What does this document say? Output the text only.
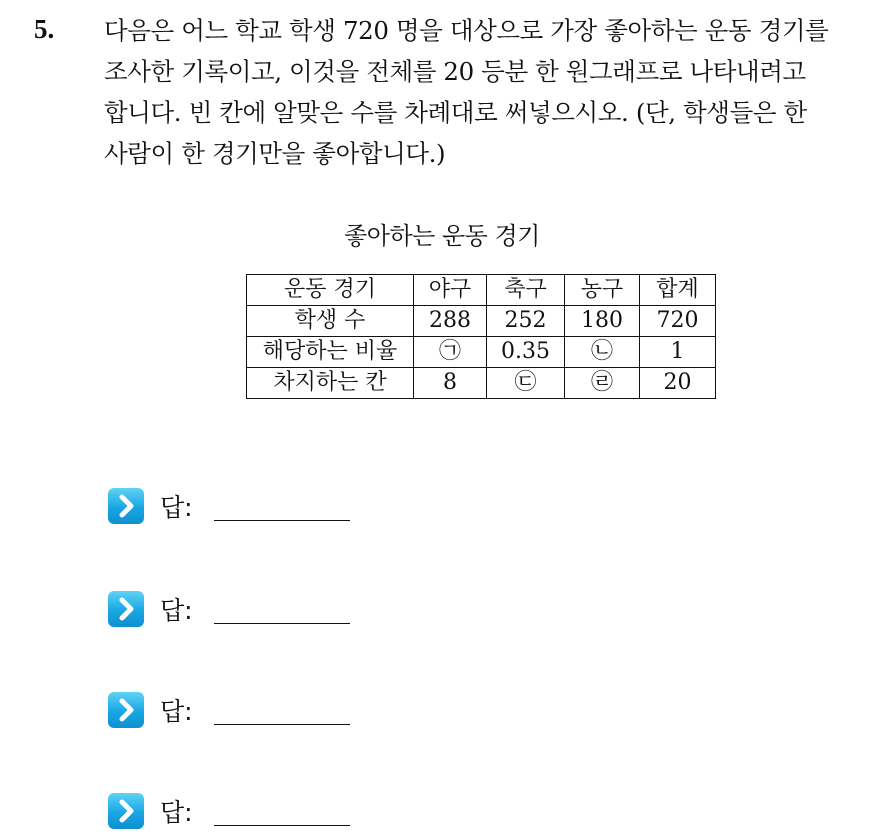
5. 다음은 어느 학교 학생 720 명을 대상으로 가장 좋아하는 운동 경기를
조사한 기록이고, 이것을 전체를 20 등분 한 원그래프로 나타내려고
합니다. 빈 칸에 알맞은 수를 차례대로 써넣으시오. (단, 학생들은 한
사람이 한 경기만을 좋아합니다.)
좋아하는 운동 경기
운동 경기	야구	축구	농구	합계
학생 수	288	252	180	720
해당하는 비율	㉠	0.35	㉡	1
차지하는 칸	8	㉢	㉣	20
답:
답:
답:
답:
